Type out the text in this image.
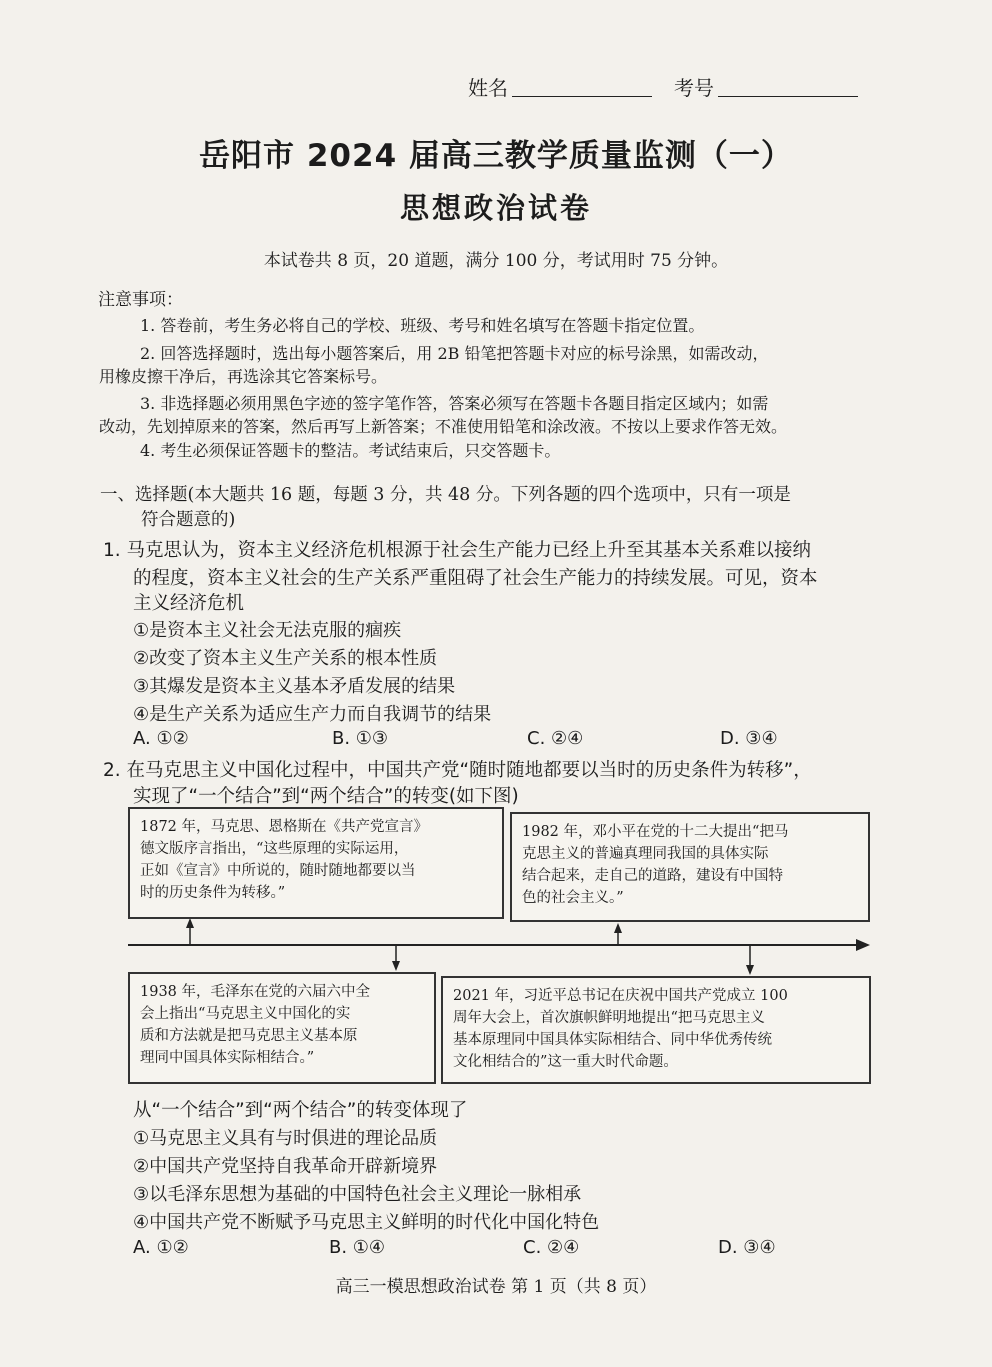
姓名	考号
岳阳市 2024 届高三教学质量监测（一）
思想政治试卷
本试卷共 8 页，20 道题，满分 100 分，考试用时 75 分钟。
注意事项：
1. 答卷前，考生务必将自己的学校、班级、考号和姓名填写在答题卡指定位置。
2. 回答选择题时，选出每小题答案后，用 2B 铅笔把答题卡对应的标号涂黑，如需改动，
用橡皮擦干净后，再选涂其它答案标号。
3. 非选择题必须用黑色字迹的签字笔作答，答案必须写在答题卡各题目指定区域内；如需
改动，先划掉原来的答案，然后再写上新答案；不准使用铅笔和涂改液。不按以上要求作答无效。
4. 考生必须保证答题卡的整洁。考试结束后，只交答题卡。
一、选择题(本大题共 16 题，每题 3 分，共 48 分。下列各题的四个选项中，只有一项是
符合题意的)
1. 马克思认为，资本主义经济危机根源于社会生产能力已经上升至其基本关系难以接纳
的程度，资本主义社会的生产关系严重阻碍了社会生产能力的持续发展。可见，资本
主义经济危机
①是资本主义社会无法克服的痼疾
②改变了资本主义生产关系的根本性质
③其爆发是资本主义基本矛盾发展的结果
④是生产关系为适应生产力而自我调节的结果
A. ①②	B. ①③	C. ②④	D. ③④
2. 在马克思主义中国化过程中，中国共产党“随时随地都要以当时的历史条件为转移”，
实现了“一个结合”到“两个结合”的转变(如下图)
1872 年，马克思、恩格斯在《共产党宣言》
德文版序言指出，“这些原理的实际运用，
正如《宣言》中所说的，随时随地都要以当
时的历史条件为转移。”
1982 年，邓小平在党的十二大提出“把马
克思主义的普遍真理同我国的具体实际
结合起来，走自己的道路，建设有中国特
色的社会主义。”
1938 年，毛泽东在党的六届六中全
会上指出“马克思主义中国化的实
质和方法就是把马克思主义基本原
理同中国具体实际相结合。”
2021 年，习近平总书记在庆祝中国共产党成立 100
周年大会上，首次旗帜鲜明地提出“把马克思主义
基本原理同中国具体实际相结合、同中华优秀传统
文化相结合的”这一重大时代命题。
从“一个结合”到“两个结合”的转变体现了
①马克思主义具有与时俱进的理论品质
②中国共产党坚持自我革命开辟新境界
③以毛泽东思想为基础的中国特色社会主义理论一脉相承
④中国共产党不断赋予马克思主义鲜明的时代化中国化特色
A. ①②	B. ①④	C. ②④	D. ③④
高三一模思想政治试卷 第 1 页（共 8 页）
